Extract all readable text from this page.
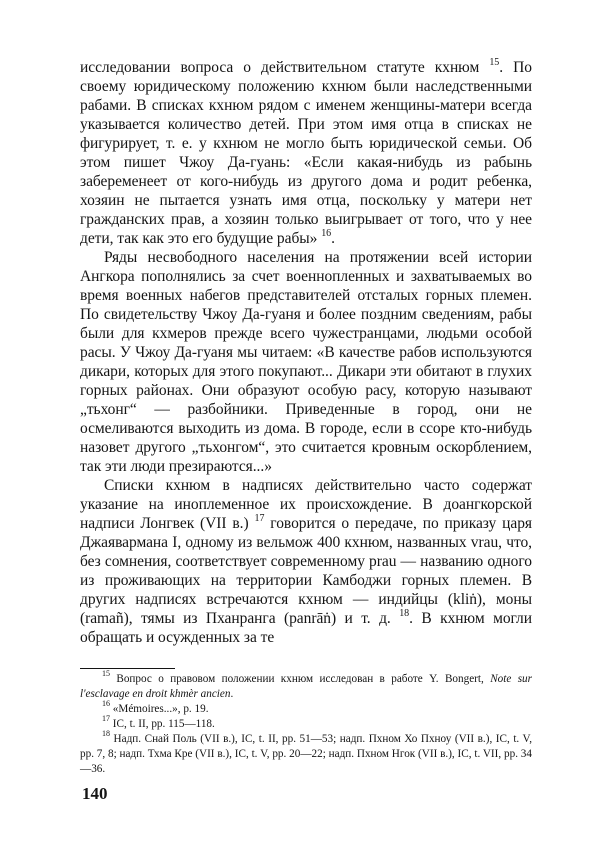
исследовании вопроса о действительном статуте кхнюм $^{15}$. По своему юридическому положению кхнюм были наследственными рабами. В списках кхнюм рядом с именем женщины-матери всегда указывается количество детей. При этом имя отца в списках не фигурирует, т. е. у кхнюм не могло быть юридической семьи. Об этом пишет Чжоу Да-гуань: «Если какая-нибудь из рабынь забеременеет от кого-нибудь из другого дома и родит ребенка, хозяин не пытается узнать имя отца, поскольку у матери нет гражданских прав, а хозяин только выигрывает от того, что у нее дети, так как это его будущие рабы» $^{16}$.

Ряды несвободного населения на протяжении всей истории Ангкора пополнялись за счет военнопленных и захватываемых во время военных набегов представителей отсталых горных племен. По свидетельству Чжоу Да-гуаня и более поздним сведениям, рабы были для кхмеров прежде всего чужестранцами, людьми особой расы. У Чжоу Да-гуаня мы читаем: «В качестве рабов используются дикари, которых для этого покупают... Дикари эти обитают в глухих горных районах. Они образуют особую расу, которую называют „тьхонг“ — разбойники. Приведенные в город, они не осмеливаются выходить из дома. В городе, если в ссоре кто-нибудь назовет другого „тьхонгом“, это считается кровным оскорблением, так эти люди презираются...»

Списки кхнюм в надписях действительно часто содержат указание на иноплеменное их происхождение. В доангкорской надписи Лонгвек (VII в.) $^{17}$ говорится о передаче, по приказу царя Джаявармана I, одному из вельмож 400 кхнюм, названных vrau, что, без сомнения, соответствует современному prau — названию одного из проживающих на территории Камбоджи горных племен. В других надписях встречаются кхнюм — индийцы (kliṅ), моны (ramañ), тямы из Пханранга (panrāṅ) и т. д. $^{18}$. В кхнюм могли обращать и осужденных за те

$^{15}$ Вопрос о правовом положении кхнюм исследован в работе Y. Bongert, Note sur l'esclavage en droit khmèr ancien.

$^{16}$ «Mémoires...», p. 19.

$^{17}$ IC, t. II, pp. 115—118.

$^{18}$ Надп. Снай Поль (VII в.), IC, t. II, pp. 51—53; надп. Пхном Хо Пхноу (VII в.), IC, t. V, pp. 7, 8; надп. Тхма Крe (VII в.), IC, t. V, pp. 20—22; надп. Пхном Нгок (VII в.), IC, t. VII, pp. 34—36.

140
